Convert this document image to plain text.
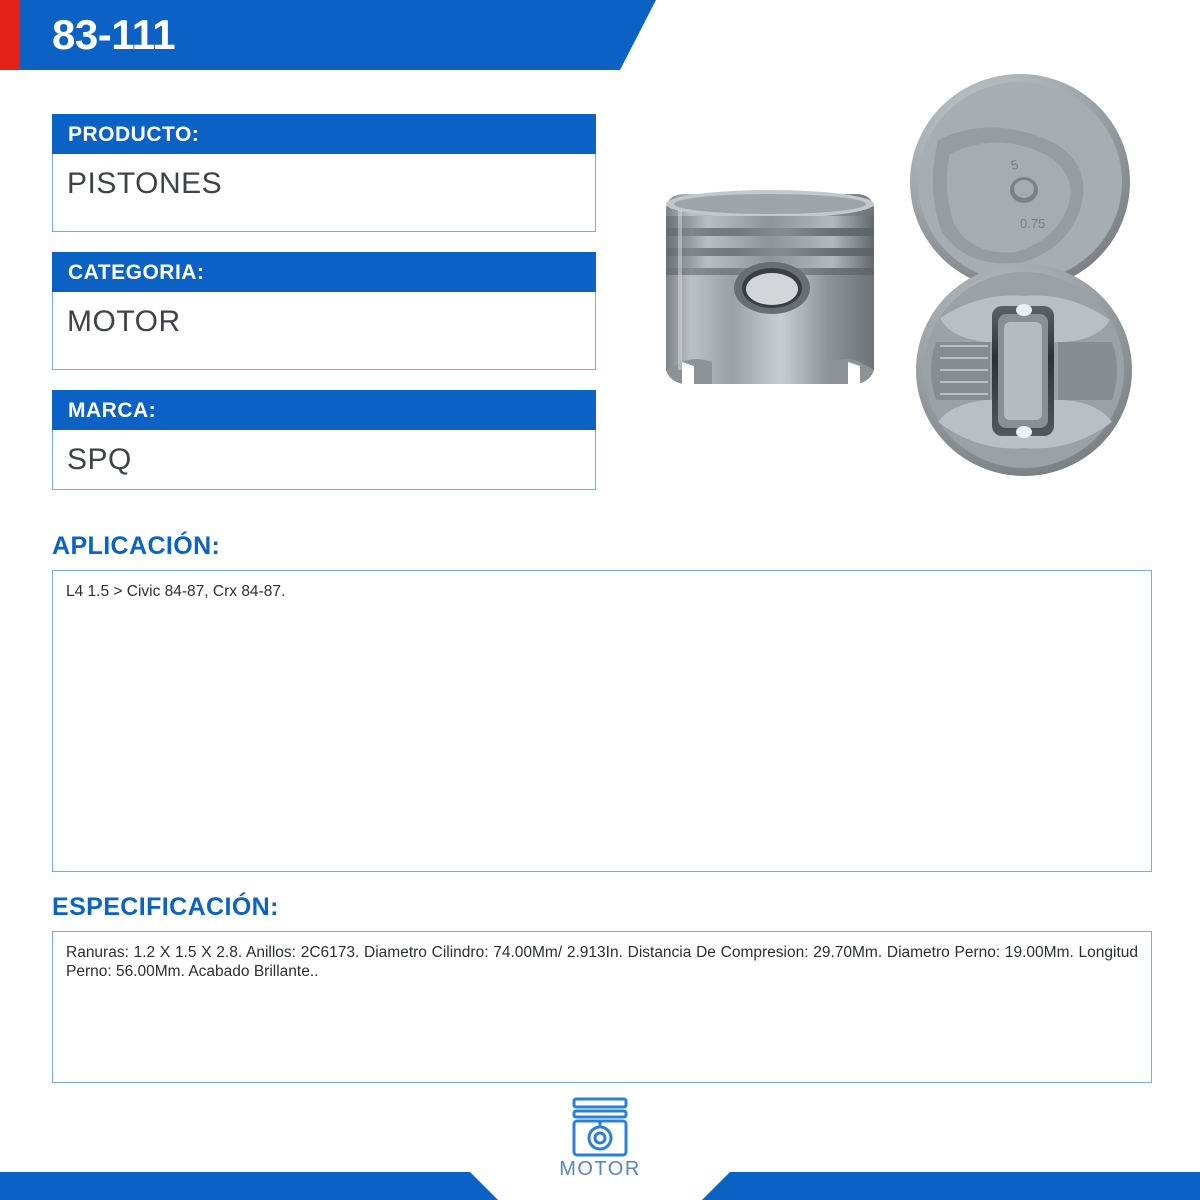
83-111
PRODUCTO:
PISTONES
CATEGORIA:
MOTOR
MARCA:
SPQ
5
0.75
APLICACIÓN:
L4 1.5 > Civic 84-87, Crx 84-87.
ESPECIFICACIÓN:
Ranuras: 1.2 X 1.5 X 2.8. Anillos: 2C6173. Diametro Cilindro: 74.00Mm/ 2.913In. Distancia De Compresion: 29.70Mm. Diametro Perno: 19.00Mm. Longitud Perno: 56.00Mm. Acabado Brillante..
MOTOR
